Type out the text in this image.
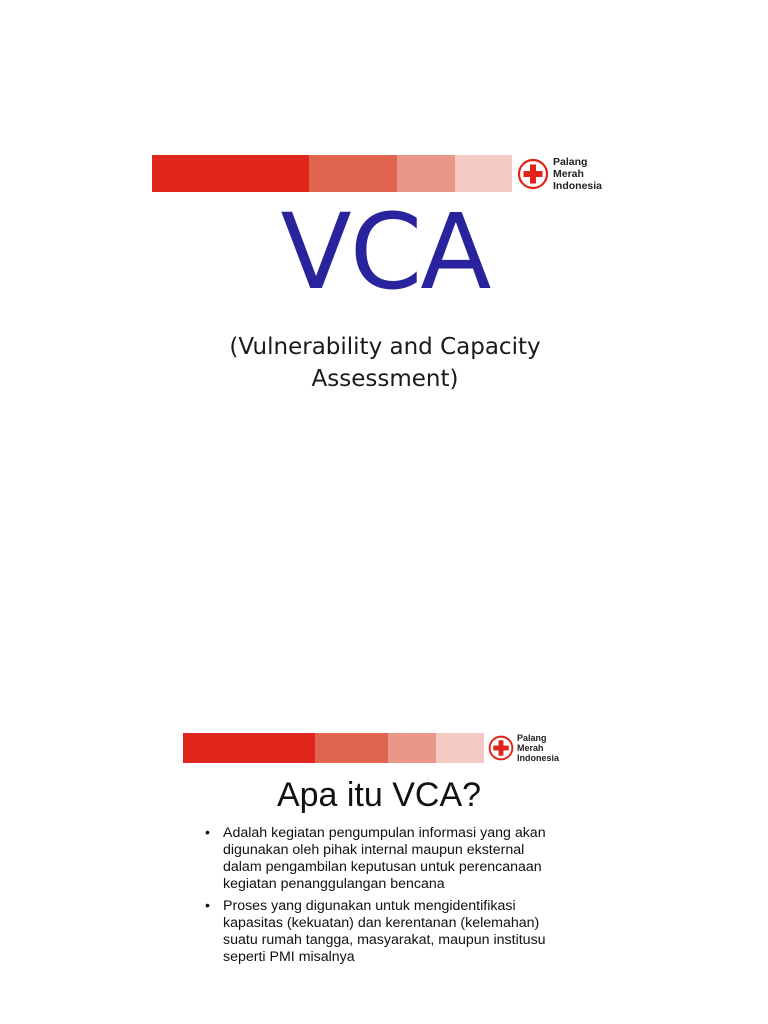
Palang
Merah
Indonesia
VCA
(Vulnerability and Capacity
Assessment)
Palang
Merah
Indonesia
Apa itu VCA?
• Adalah kegiatan pengumpulan informasi yang akan digunakan oleh pihak internal maupun eksternal dalam pengambilan keputusan untuk perencanaan kegiatan penanggulangan bencana
• Proses yang digunakan untuk mengidentifikasi kapasitas (kekuatan) dan kerentanan (kelemahan) suatu rumah tangga, masyarakat, maupun institusu seperti PMI misalnya
